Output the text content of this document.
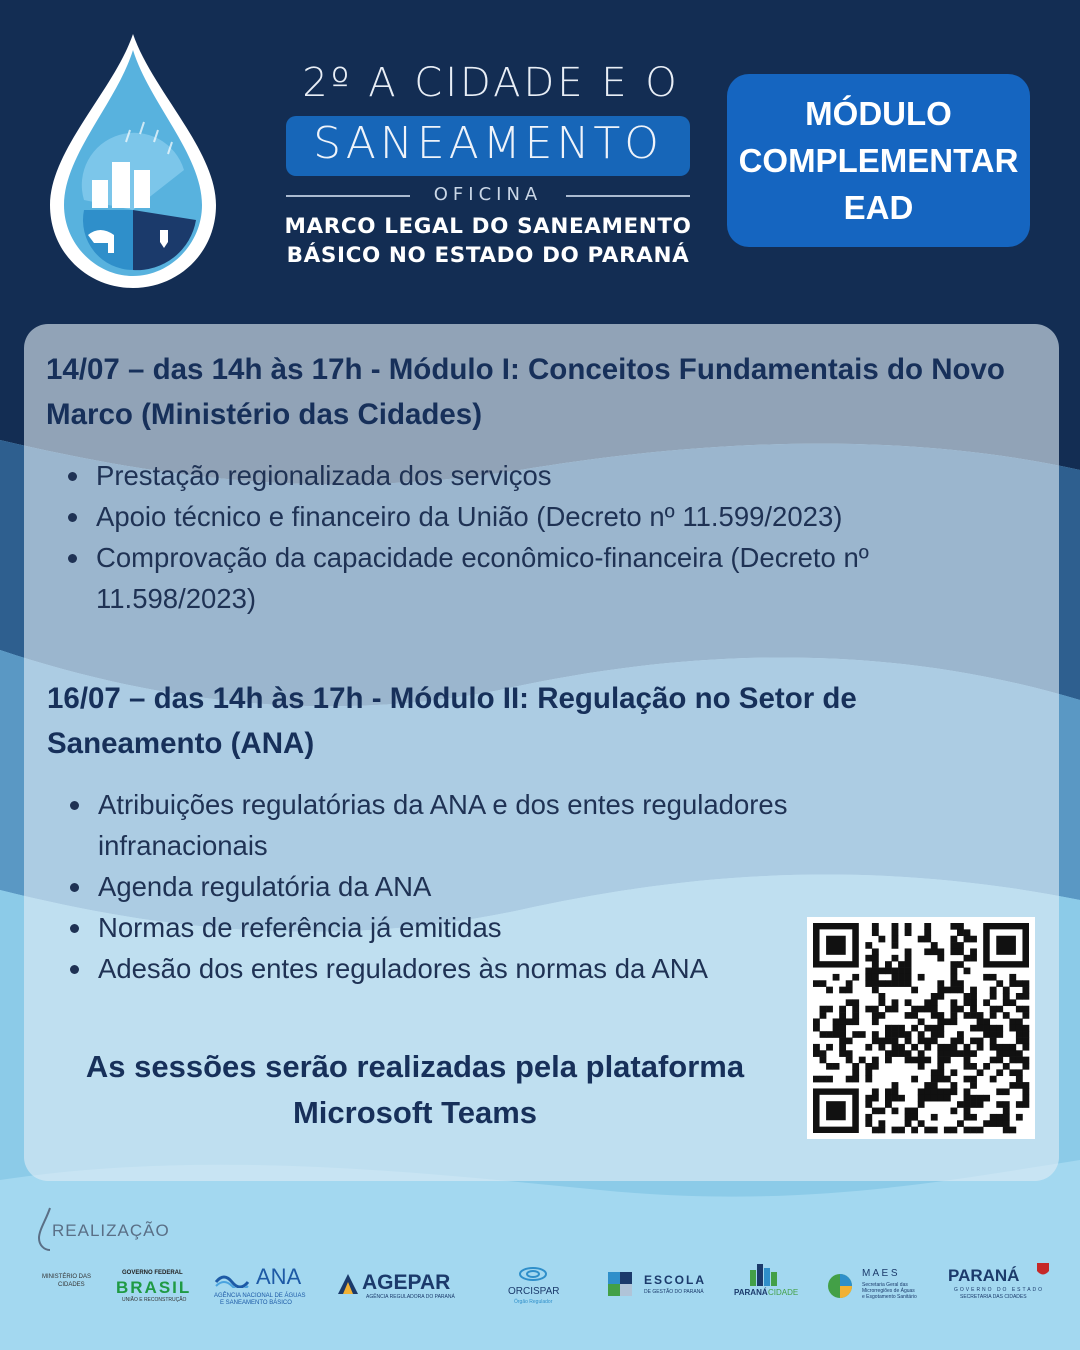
2º A CIDADE E O
SANEAMENTO
OFICINA
MARCO LEGAL DO SANEAMENTO
BÁSICO NO ESTADO DO PARANÁ
MÓDULO
COMPLEMENTAR
EAD
14/07 – das 14h às 17h - Módulo I: Conceitos Fundamentais do Novo Marco (Ministério das Cidades)
Prestação regionalizada dos serviços
Apoio técnico e financeiro da União (Decreto nº 11.599/2023)
Comprovação da capacidade econômico-financeira (Decreto nº 11.598/2023)
16/07 – das 14h às 17h - Módulo II: Regulação no Setor de Saneamento (ANA)
Atribuições regulatórias da ANA e dos entes reguladores infranacionais
Agenda regulatória da ANA
Normas de referência já emitidas
Adesão dos entes reguladores às normas da ANA
As sessões serão realizadas pela plataforma Microsoft Teams
REALIZAÇÃO
MINISTÉRIO DAS
CIDADES
GOVERNO FEDERAL
BRASIL
UNIÃO E RECONSTRUÇÃO
ANA
AGÊNCIA NACIONAL DE ÁGUAS
E SANEAMENTO BÁSICO
AGEPAR
AGÊNCIA REGULADORA DO PARANÁ	ORCISPAR
Órgão Regulador
ESCOLA
DE GESTÃO DO PARANÁ	PARANÁ CIDADE
M A E S
Secretaria Geral das
Microrregiões de Águas
e Esgotamento Sanitário
PARANÁ
GOVERNO DO ESTADO
SECRETARIA DAS CIDADES
